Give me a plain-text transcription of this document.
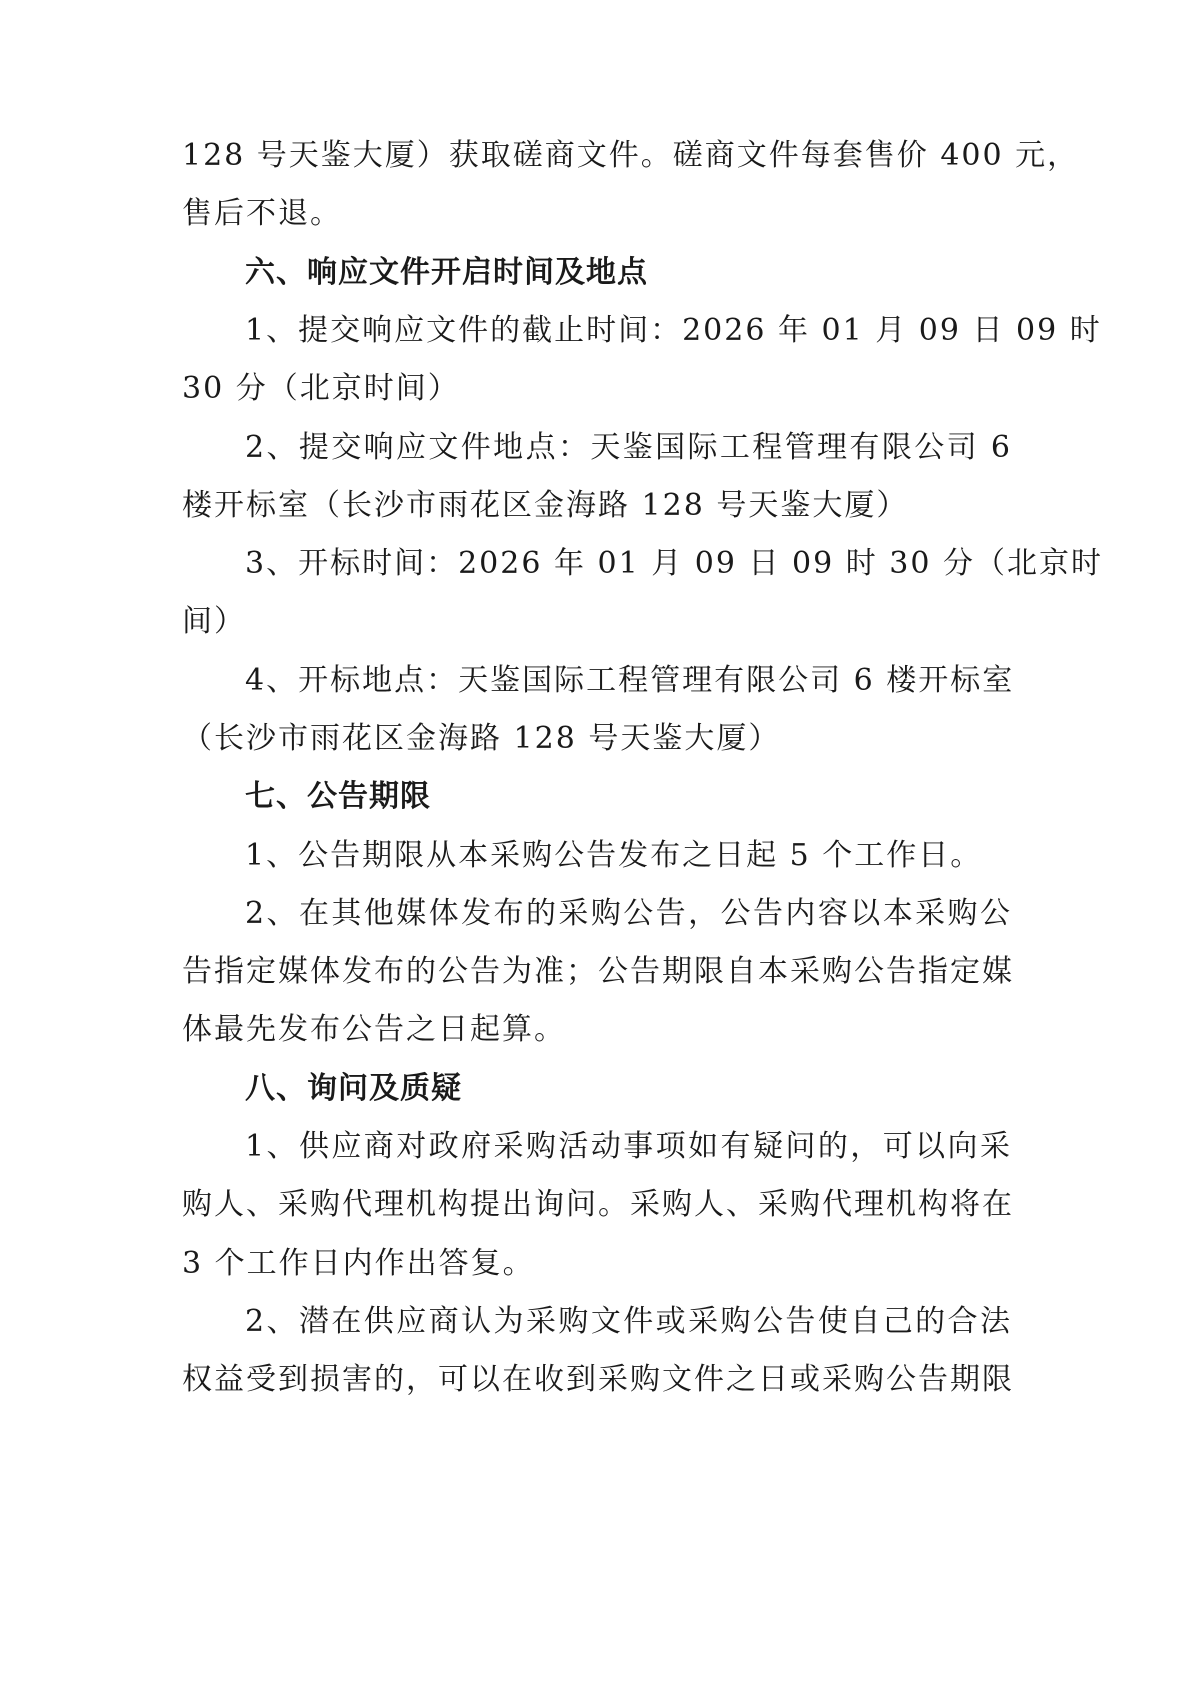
128 号天鉴大厦）获取磋商文件。磋商文件每套售价 400 元，
售后不退。
六、响应文件开启时间及地点
1、提交响应文件的截止时间：2026 年 01 月 09 日 09 时
30 分（北京时间）
2、提交响应文件地点：天鉴国际工程管理有限公司 6
楼开标室（长沙市雨花区金海路 128 号天鉴大厦）
3、开标时间：2026 年 01 月 09 日 09 时 30 分（北京时
间）
4、开标地点：天鉴国际工程管理有限公司 6 楼开标室
（长沙市雨花区金海路 128 号天鉴大厦）
七、公告期限
1、公告期限从本采购公告发布之日起 5 个工作日。
2、在其他媒体发布的采购公告，公告内容以本采购公
告指定媒体发布的公告为准；公告期限自本采购公告指定媒
体最先发布公告之日起算。
八、询问及质疑
1、供应商对政府采购活动事项如有疑问的，可以向采
购人、采购代理机构提出询问。采购人、采购代理机构将在
3 个工作日内作出答复。
2、潜在供应商认为采购文件或采购公告使自己的合法
权益受到损害的，可以在收到采购文件之日或采购公告期限
